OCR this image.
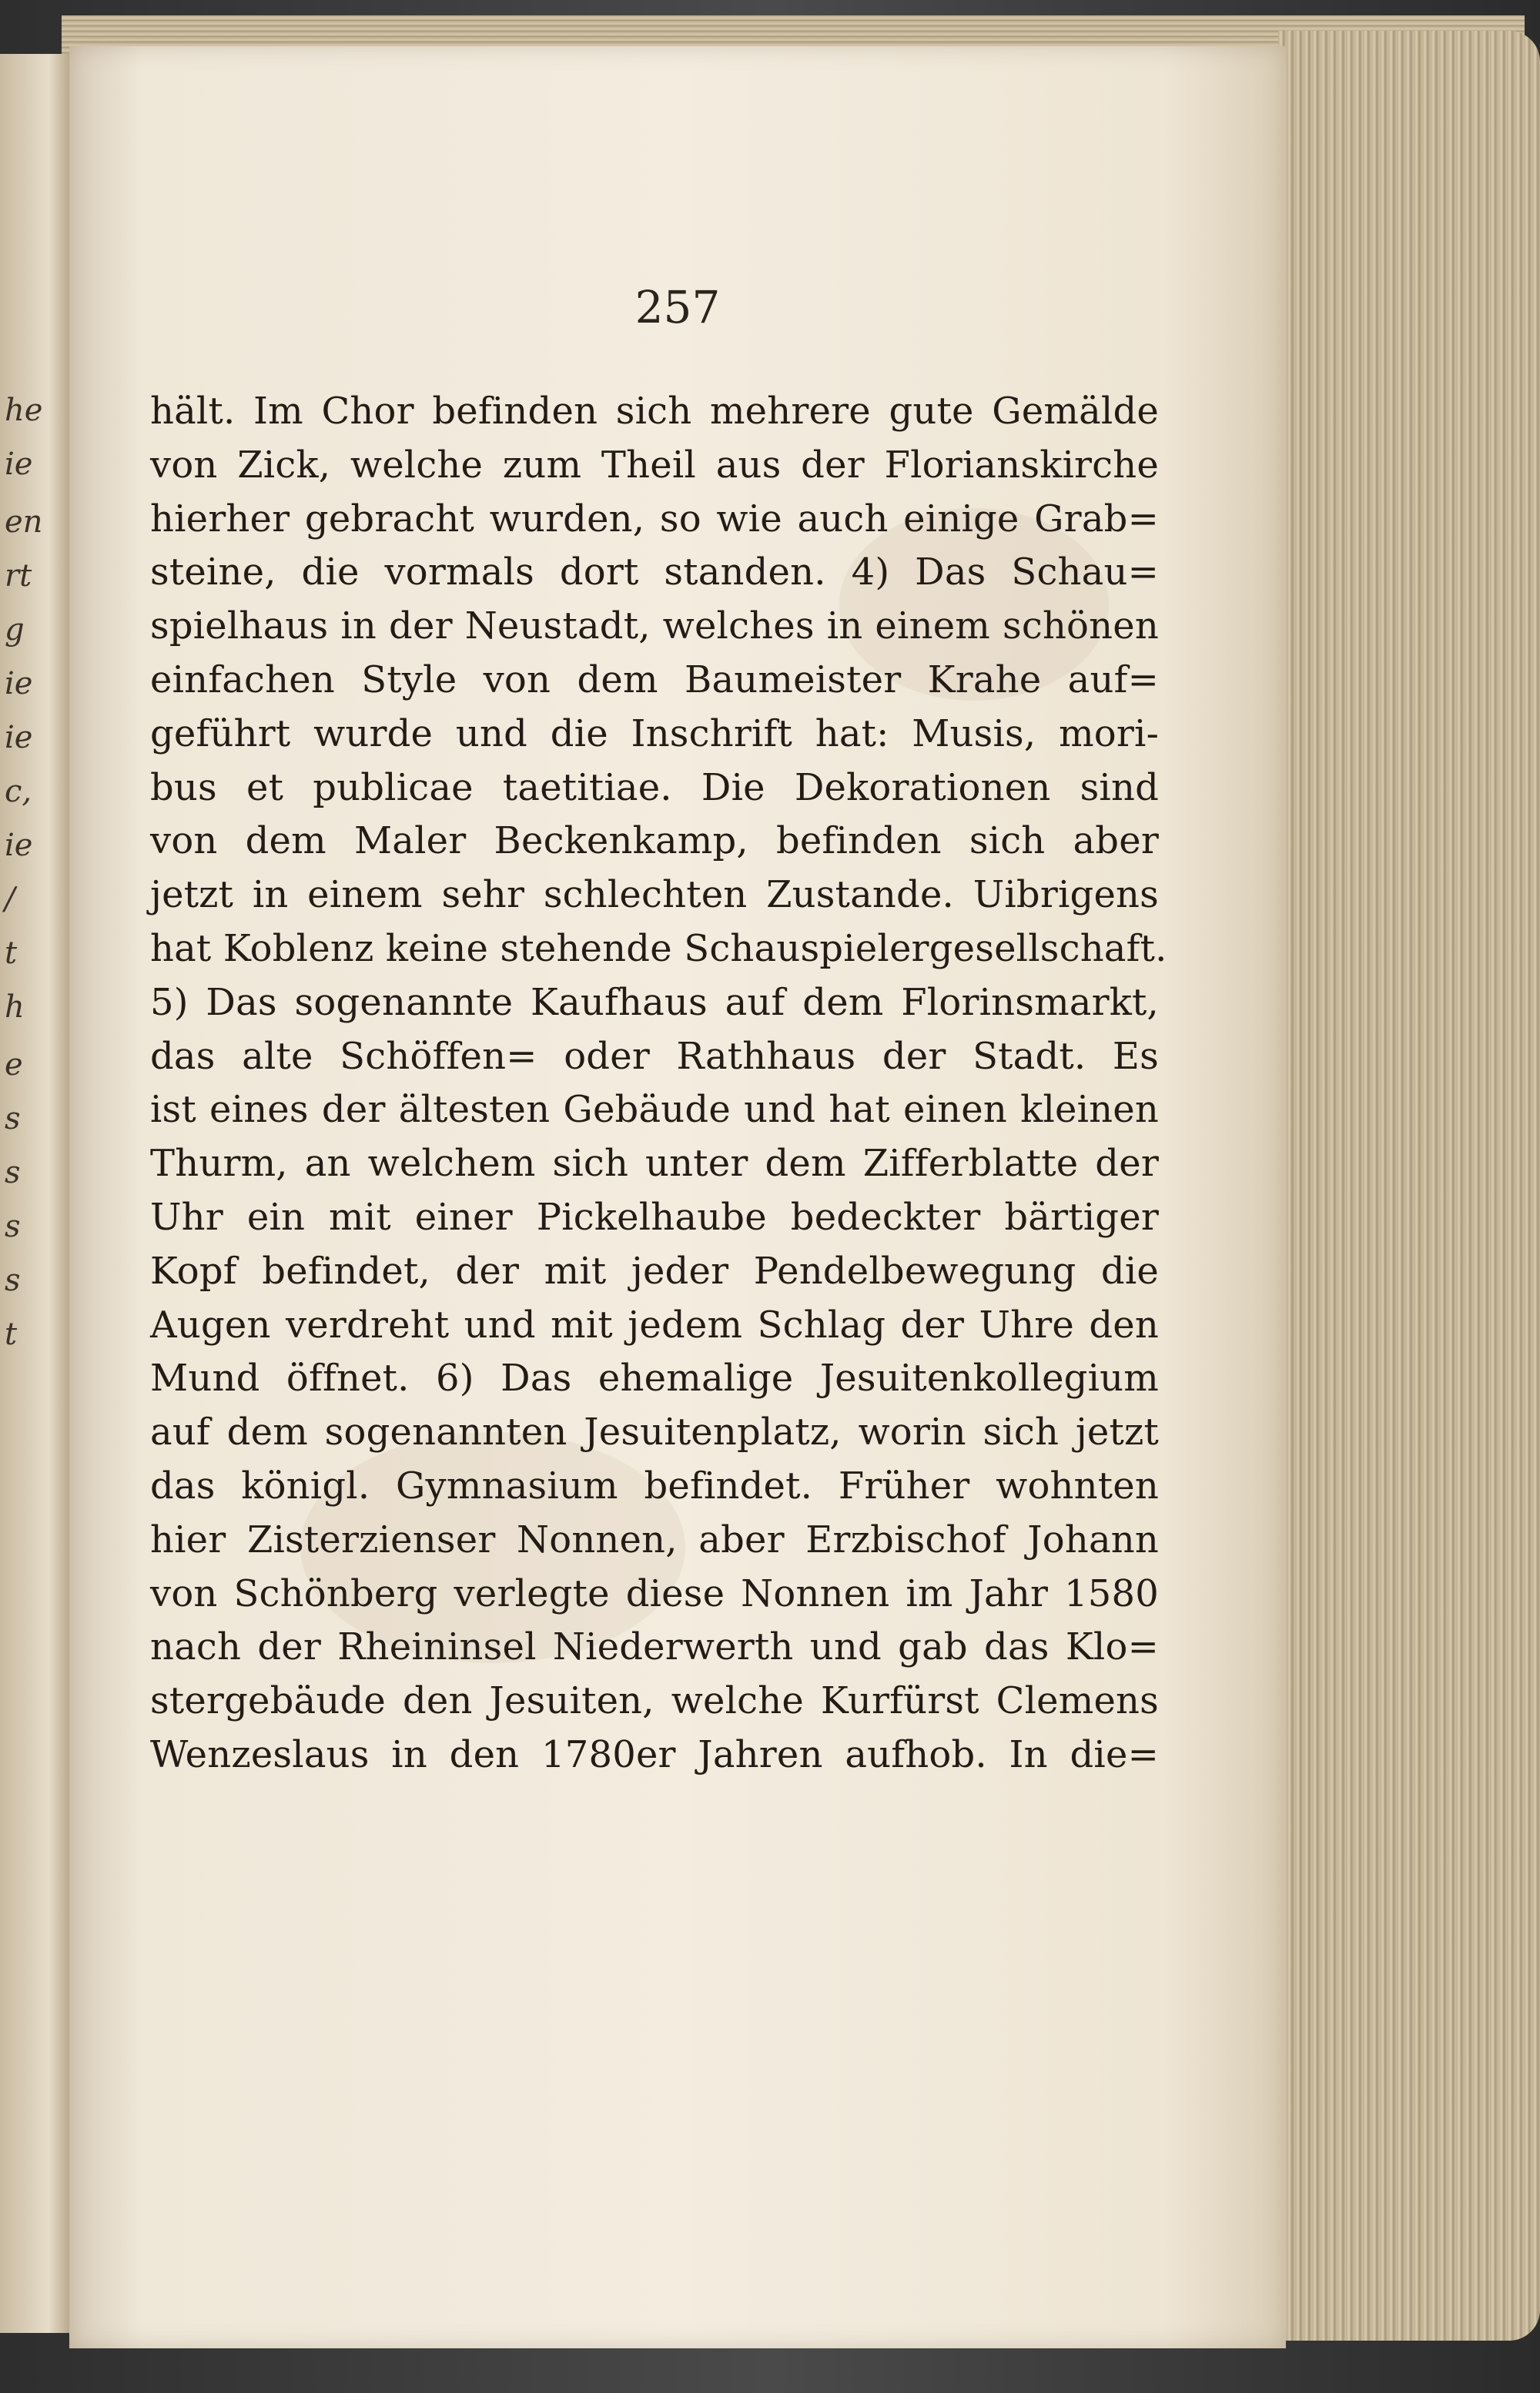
he
ie
en
rt
g
ie
ie
c,
ie
/
t
h
e
s
s
s
s
t
257
hält. Im Chor befinden sich mehrere gute Gemälde
von Zick, welche zum Theil aus der Florianskirche
hierher gebracht wurden, so wie auch einige Grab=
steine, die vormals dort standen. 4) Das Schau=
spielhaus in der Neustadt, welches in einem schönen
einfachen Style von dem Baumeister Krahe auf=
geführt wurde und die Inschrift hat: Musis, mori-
bus et publicae taetitiae. Die Dekorationen sind
von dem Maler Beckenkamp, befinden sich aber
jetzt in einem sehr schlechten Zustande. Uibrigens
hat Koblenz keine stehende Schauspielergesellschaft.
5) Das sogenannte Kaufhaus auf dem Florinsmarkt,
das alte Schöffen= oder Rathhaus der Stadt. Es
ist eines der ältesten Gebäude und hat einen kleinen
Thurm, an welchem sich unter dem Zifferblatte der
Uhr ein mit einer Pickelhaube bedeckter bärtiger
Kopf befindet, der mit jeder Pendelbewegung die
Augen verdreht und mit jedem Schlag der Uhre den
Mund öffnet. 6) Das ehemalige Jesuitenkollegium
auf dem sogenannten Jesuitenplatz, worin sich jetzt
das königl. Gymnasium befindet. Früher wohnten
hier Zisterzienser Nonnen, aber Erzbischof Johann
von Schönberg verlegte diese Nonnen im Jahr 1580
nach der Rheininsel Niederwerth und gab das Klo=
stergebäude den Jesuiten, welche Kurfürst Clemens
Wenzeslaus in den 1780er Jahren aufhob. In die=
